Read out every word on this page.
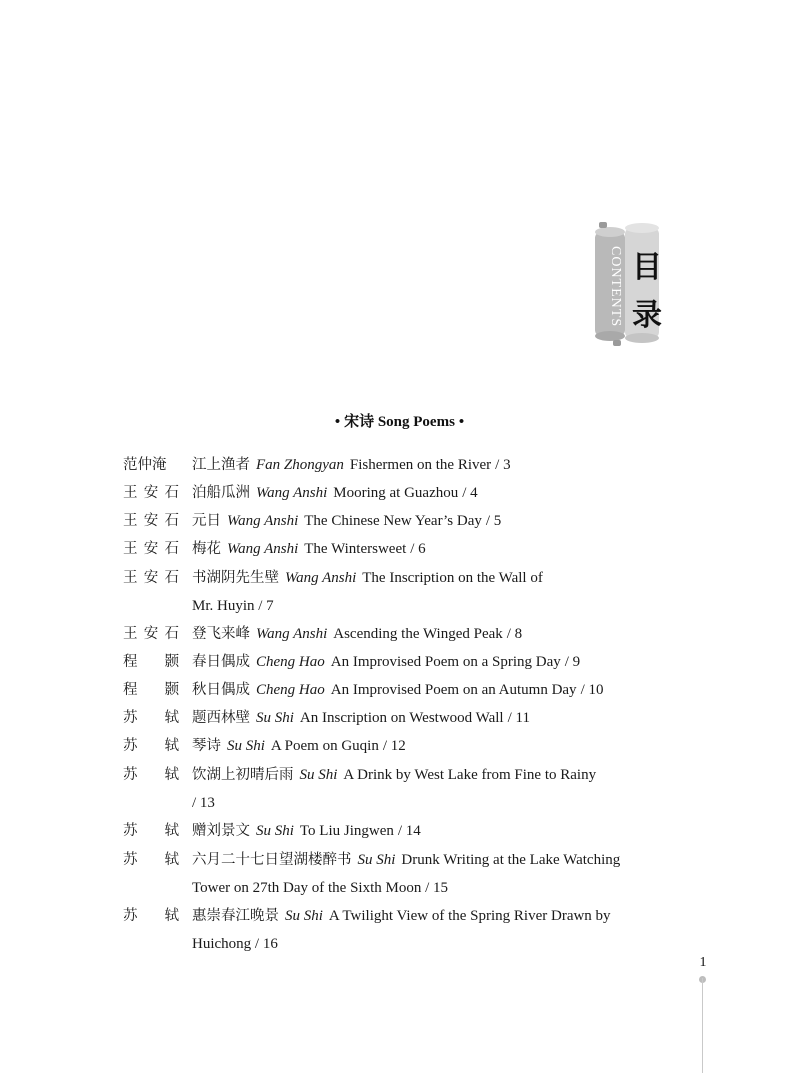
CONTENTS 目
录
• 宋诗 Song Poems •
范 仲 淹 江上渔者 Fan Zhongyan Fishermen on the River / 3
王 安 石 泊船瓜洲 Wang Anshi Mooring at Guazhou / 4
王 安 石 元日 Wang Anshi The Chinese New Year’s Day / 5
王 安 石 梅花 Wang Anshi The Wintersweet / 6
王 安 石 书湖阴先生壁 Wang Anshi The Inscription on the Wall of
Mr. Huyin / 7
王 安 石 登飞来峰 Wang Anshi Ascending the Winged Peak / 8
程 颢 春日偶成 Cheng Hao An Improvised Poem on a Spring Day / 9
程 颢 秋日偶成 Cheng Hao An Improvised Poem on an Autumn Day / 10
苏 轼 题西林壁 Su Shi An Inscription on Westwood Wall / 11
苏 轼 琴诗 Su Shi A Poem on Guqin / 12
苏 轼 饮湖上初晴后雨 Su Shi A Drink by West Lake from Fine to Rainy
/ 13
苏 轼 赠刘景文 Su Shi To Liu Jingwen / 14
苏 轼 六月二十七日望湖楼醉书 Su Shi Drunk Writing at the Lake Watching
Tower on 27th Day of the Sixth Moon / 15
苏 轼 惠崇春江晚景 Su Shi A Twilight View of the Spring River Drawn by
Huichong / 16
1
